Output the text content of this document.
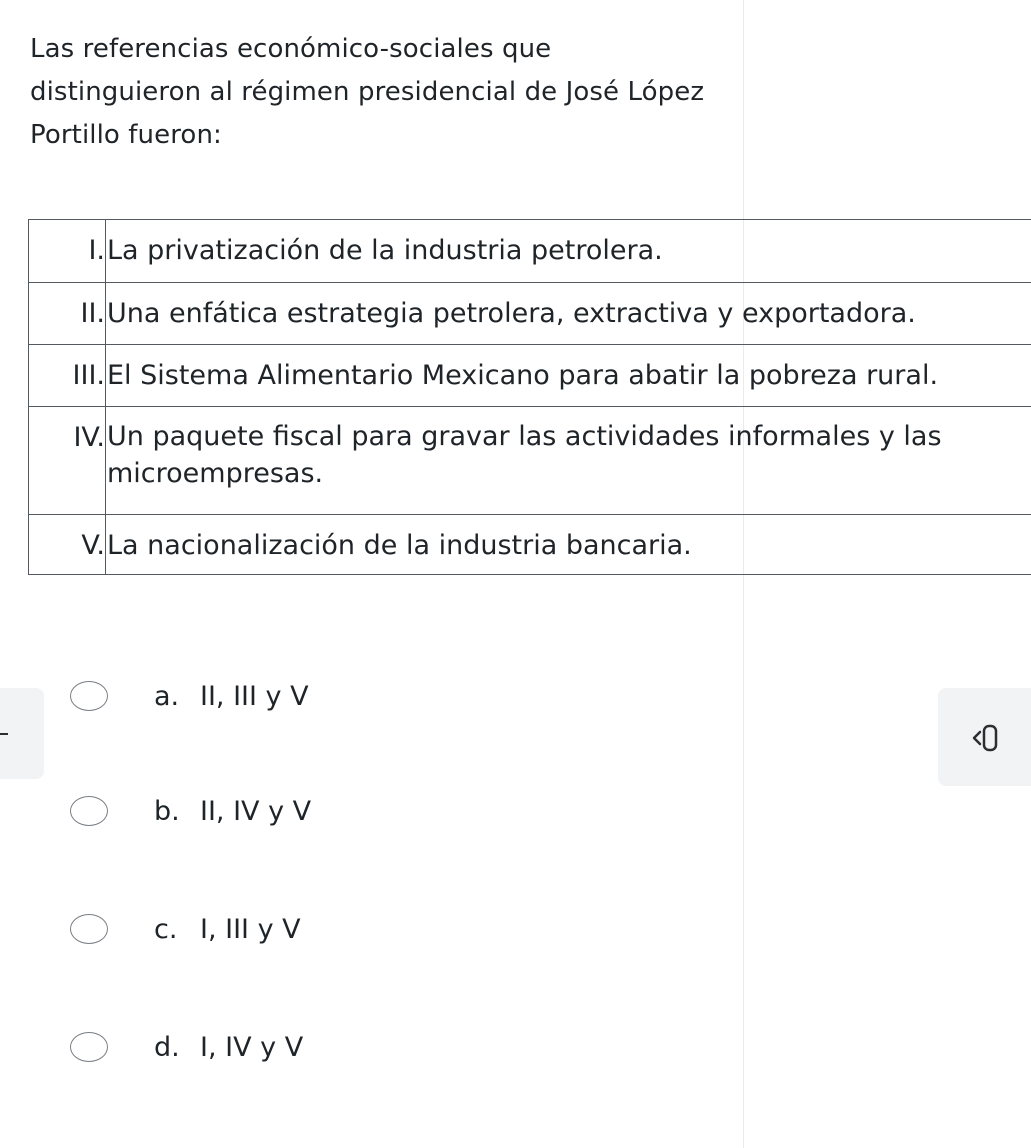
Las referencias económico-sociales que distinguieron al régimen presidencial de José López Portillo fueron:

I.	La privatización de la industria petrolera.
II.	Una enfática estrategia petrolera, extractiva y exportadora.
III.	El Sistema Alimentario Mexicano para abatir la pobreza rural.
IV.	Un paquete fiscal para gravar las actividades informales y las microempresas.

V.	La nacionalización de la industria bancaria.
a. II, III y V
b. II, IV y V
c. I, III y V
d. I, IV y V
